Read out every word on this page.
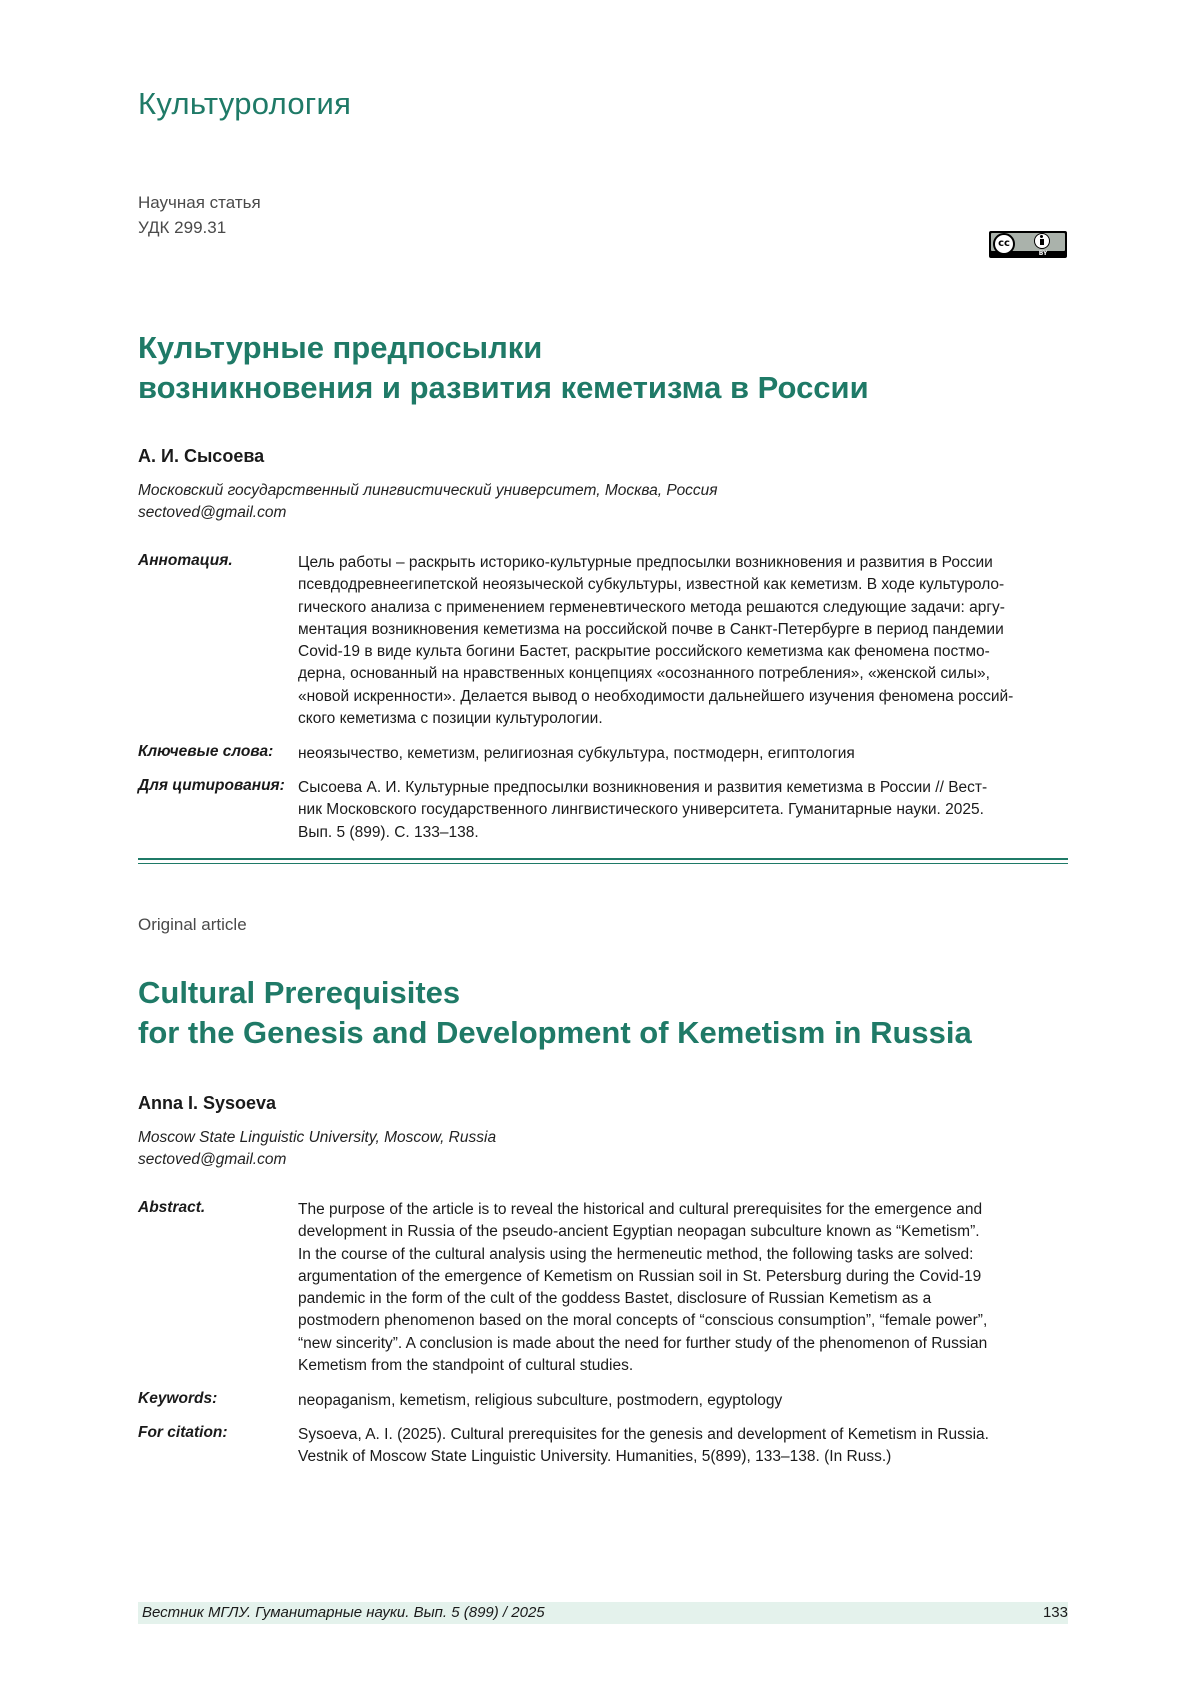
Культурология
Научная статья
УДК 299.31
cc
BY
Культурные предпосылки
возникновения и развития кеметизма в России
А. И. Сысоева
Московский государственный лингвистический университет, Москва, Россия
sectoved@gmail.com
Аннотация.	Цель работы – раскрыть историко-культурные предпосылки возникновения и развития в России
псевдодревнеегипетской неоязыческой субкультуры, известной как кеметизм. В ходе культуроло-
гического анализа с применением герменевтического метода решаются следующие задачи: аргу-
ментация возникновения кеметизма на российской почве в Санкт-Петербурге в период пандемии
Covid-19 в виде культа богини Бастет, раскрытие российского кеметизма как феномена постмо-
дерна, основанный на нравственных концепциях «осознанного потребления», «женской силы»,
«новой искренности». Делается вывод о необходимости дальнейшего изучения феномена россий-
ского кеметизма с позиции культурологии.
Ключевые слова:	неоязычество, кеметизм, религиозная субкультура, постмодерн, египтология
Для цитирования: Сысоева А. И. Культурные предпосылки возникновения и развития кеметизма в России // Вест-
ник Московского государственного лингвистического университета. Гуманитарные науки. 2025.
Вып. 5 (899). С. 133–138.
Original article
Cultural Prerequisites
for the Genesis and Development of Kemetism in Russia
Anna I. Sysoeva
Moscow State Linguistic University, Moscow, Russia
sectoved@gmail.com
Abstract.	The purpose of the article is to reveal the historical and cultural prerequisites for the emergence and
development in Russia of the pseudo-ancient Egyptian neopagan subculture known as “Kemetism”.
In the course of the cultural analysis using the hermeneutic method, the following tasks are solved:
argumentation of the emergence of Kemetism on Russian soil in St. Petersburg during the Covid-19
pandemic in the form of the cult of the goddess Bastet, disclosure of Russian Kemetism as a
postmodern phenomenon based on the moral concepts of “conscious consumption”, “female power”,
“new sincerity”. A conclusion is made about the need for further study of the phenomenon of Russian
Kemetism from the standpoint of cultural studies.
Keywords:	neopaganism, kemetism, religious subculture, postmodern, egyptology
For citation:	Sysoeva, A. I. (2025). Cultural prerequisites for the genesis and development of Kemetism in Russia.
Vestnik of Moscow State Linguistic University. Humanities, 5(899), 133–138. (In Russ.)
Вестник МГЛУ. Гуманитарные науки. Вып. 5 (899) / 2025	133
